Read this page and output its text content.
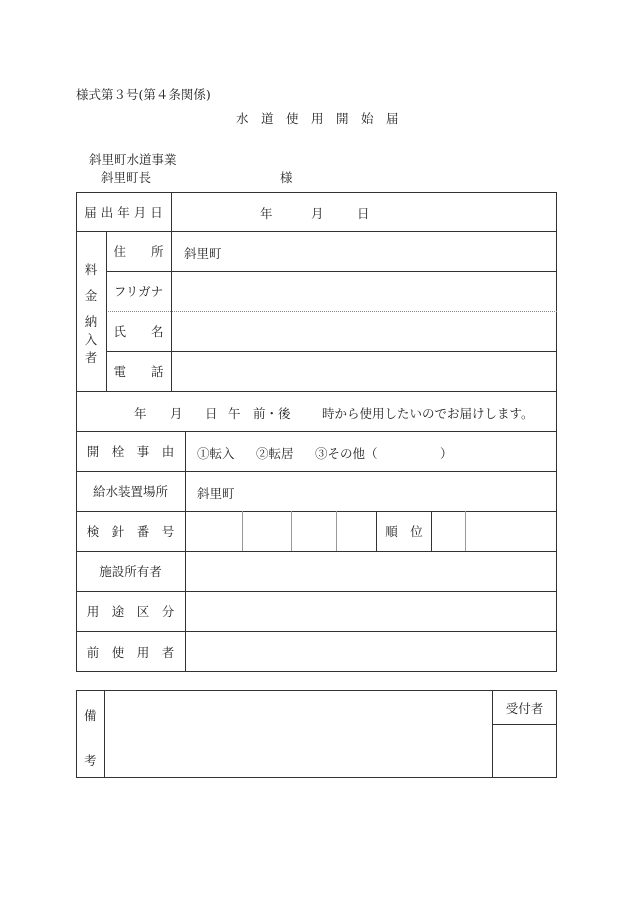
様式第３号(第４条関係)
水　道　使　用　開　始　届
斜里町水道事業
斜里町長	様
届 出 年 月 日	年	月	日
料
金
納
入
者
住　　所	斜里町
フリガナ
氏　　名
電　　話
年 月 日 午　前・後	時から使用したいのでお届けします。
開　栓　事　由	①転入 ②転居 ③その他（　　　　　）
給水装置場所	斜里町
検　針　番　号	順　位
施設所有者
用　途　区　分
前　使　用　者
備
考
受付者
